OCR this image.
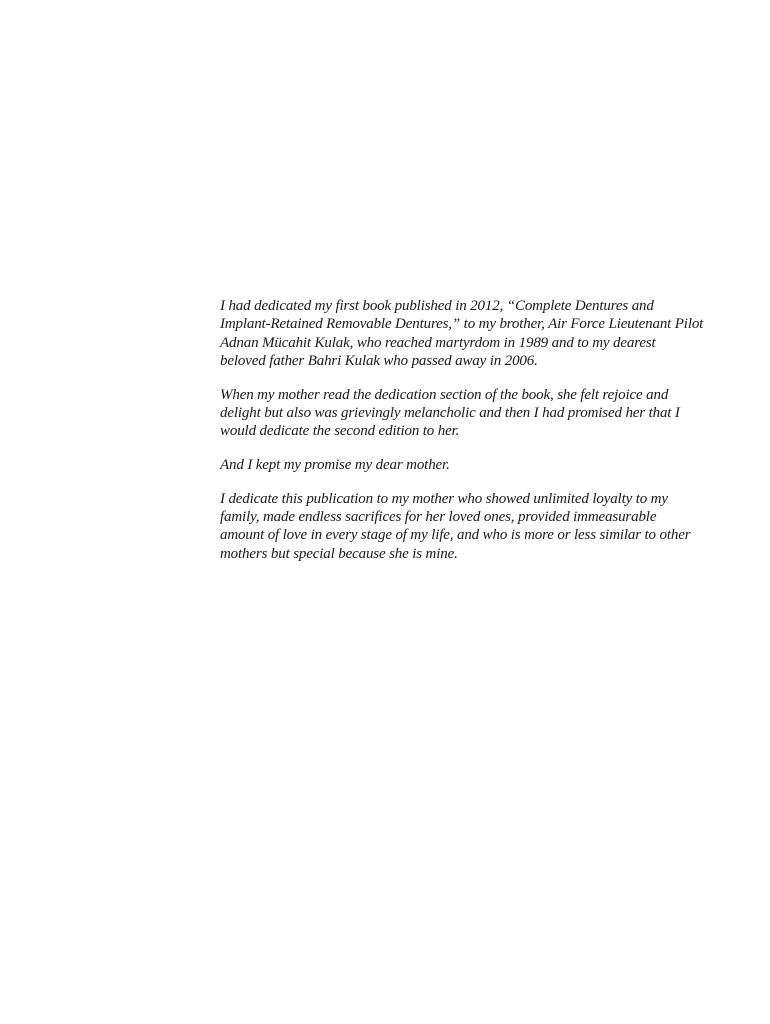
I had dedicated my first book published in 2012, “Complete Dentures and Implant-Retained Removable Dentures,” to my brother, Air Force Lieutenant Pilot Adnan Mücahit Kulak, who reached martyrdom in 1989 and to my dearest beloved father Bahri Kulak who passed away in 2006.

When my mother read the dedication section of the book, she felt rejoice and delight but also was grievingly melancholic and then I had promised her that I would dedicate the second edition to her.

And I kept my promise my dear mother.

I dedicate this publication to my mother who showed unlimited loyalty to my family, made endless sacrifices for her loved ones, provided immeasurable amount of love in every stage of my life, and who is more or less similar to other mothers but special because she is mine.
